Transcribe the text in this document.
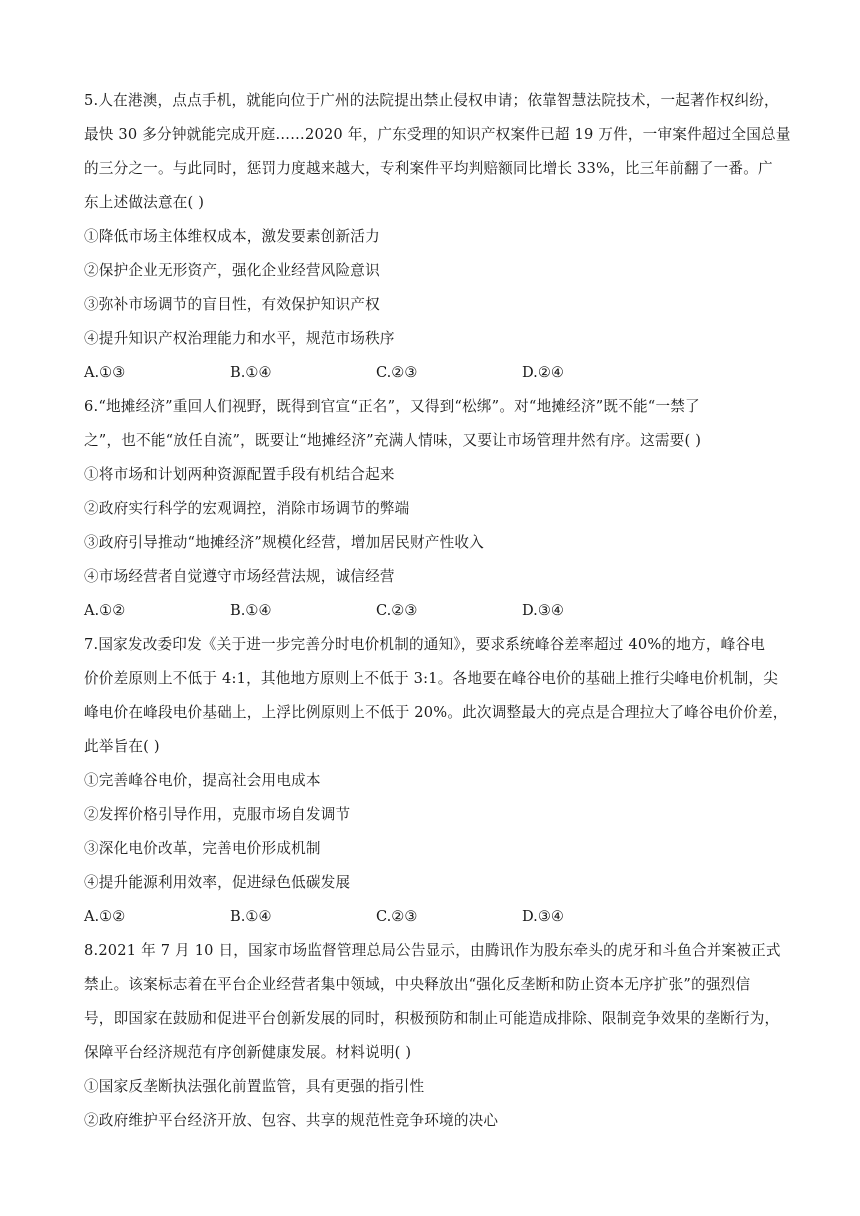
5.人在港澳，点点手机，就能向位于广州的法院提出禁止侵权申请；依靠智慧法院技术，一起著作权纠纷，

最快 30 多分钟就能完成开庭……2020 年，广东受理的知识产权案件已超 19 万件，一审案件超过全国总量

的三分之一。与此同时，惩罚力度越来越大，专利案件平均判赔额同比增长 33%，比三年前翻了一番。广

东上述做法意在( )

①降低市场主体维权成本，激发要素创新活力

②保护企业无形资产，强化企业经营风险意识

③弥补市场调节的盲目性，有效保护知识产权

④提升知识产权治理能力和水平，规范市场秩序

A.①③	B.①④	C.②③	D.②④

6.“地摊经济”重回人们视野，既得到官宣“正名”，又得到“松绑”。对“地摊经济”既不能“一禁了

之”，也不能“放任自流”，既要让“地摊经济”充满人情味，又要让市场管理井然有序。这需要( )

①将市场和计划两种资源配置手段有机结合起来

②政府实行科学的宏观调控，消除市场调节的弊端

③政府引导推动“地摊经济”规模化经营，增加居民财产性收入

④市场经营者自觉遵守市场经营法规，诚信经营

A.①②	B.①④	C.②③	D.③④

7.国家发改委印发《关于进一步完善分时电价机制的通知》，要求系统峰谷差率超过 40%的地方，峰谷电

价价差原则上不低于 4:1，其他地方原则上不低于 3:1。各地要在峰谷电价的基础上推行尖峰电价机制，尖

峰电价在峰段电价基础上，上浮比例原则上不低于 20%。此次调整最大的亮点是合理拉大了峰谷电价价差，

此举旨在( )

①完善峰谷电价，提高社会用电成本

②发挥价格引导作用，克服市场自发调节

③深化电价改革，完善电价形成机制

④提升能源利用效率，促进绿色低碳发展

A.①②	B.①④	C.②③	D.③④

8.2021 年 7 月 10 日，国家市场监督管理总局公告显示，由腾讯作为股东牵头的虎牙和斗鱼合并案被正式

禁止。该案标志着在平台企业经营者集中领域，中央释放出“强化反垄断和防止资本无序扩张”的强烈信

号，即国家在鼓励和促进平台创新发展的同时，积极预防和制止可能造成排除、限制竞争效果的垄断行为，

保障平台经济规范有序创新健康发展。材料说明( )

①国家反垄断执法强化前置监管，具有更强的指引性

②政府维护平台经济开放、包容、共享的规范性竞争环境的决心
